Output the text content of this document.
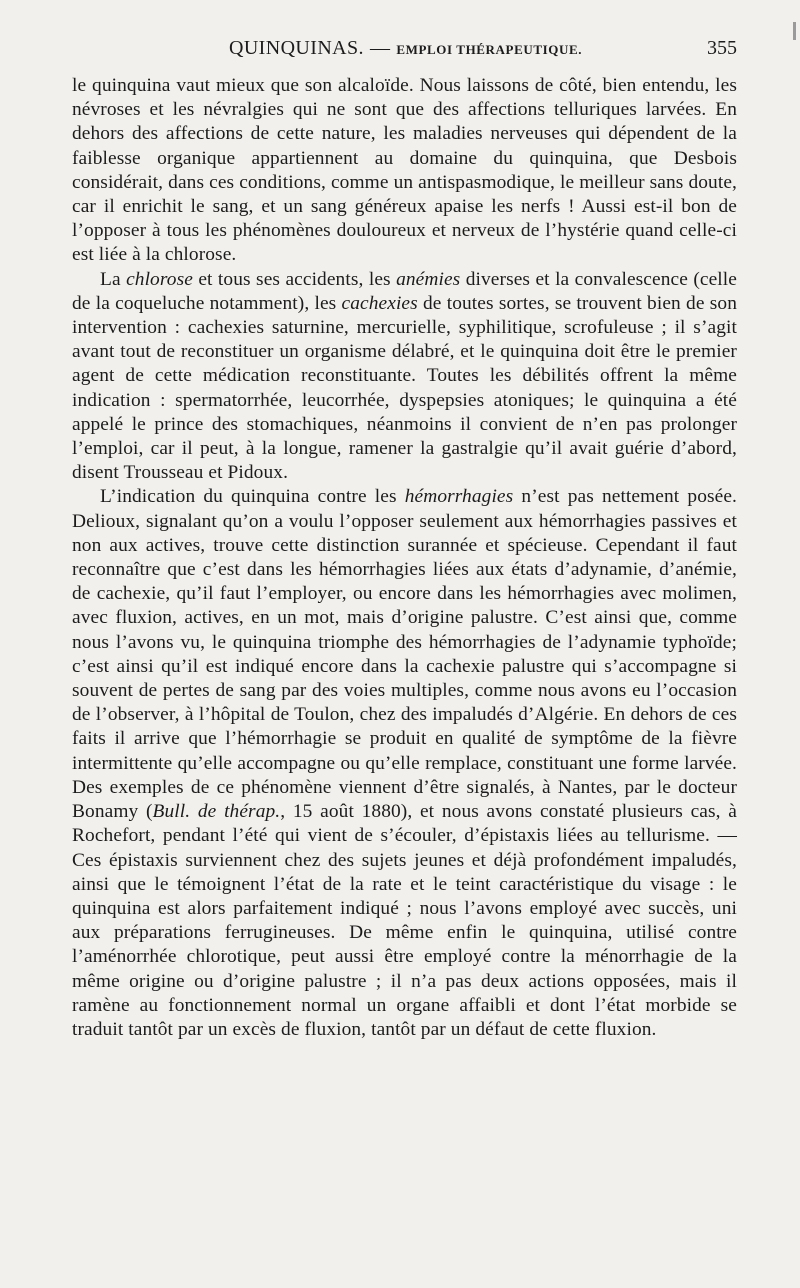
QUINQUINAS. — EMPLOI THÉRAPEUTIQUE.	355

le quinquina vaut mieux que son alcaloïde. Nous laissons de côté, bien entendu, les névroses et les névralgies qui ne sont que des affections telluriques larvées. En dehors des affections de cette nature, les maladies nerveuses qui dépendent de la faiblesse organique appartiennent au domaine du quinquina, que Desbois considérait, dans ces conditions, comme un antispasmodique, le meilleur sans doute, car il enrichit le sang, et un sang généreux apaise les nerfs ! Aussi est-il bon de l’opposer à tous les phénomènes douloureux et nerveux de l’hystérie quand celle-ci est liée à la chlorose.

La chlorose et tous ses accidents, les anémies diverses et la convalescence (celle de la coqueluche notamment), les cachexies de toutes sortes, se trouvent bien de son intervention : cachexies saturnine, mercurielle, syphilitique, scrofuleuse ; il s’agit avant tout de reconstituer un organisme délabré, et le quinquina doit être le premier agent de cette médication reconstituante. Toutes les débilités offrent la même indication : spermatorrhée, leucorrhée, dyspepsies atoniques; le quinquina a été appelé le prince des stomachiques, néanmoins il convient de n’en pas prolonger l’emploi, car il peut, à la longue, ramener la gastralgie qu’il avait guérie d’abord, disent Trousseau et Pidoux.

L’indication du quinquina contre les hémorrhagies n’est pas nettement posée. Delioux, signalant qu’on a voulu l’opposer seulement aux hémorrhagies passives et non aux actives, trouve cette distinction surannée et spécieuse. Cependant il faut reconnaître que c’est dans les hémorrhagies liées aux états d’adynamie, d’anémie, de cachexie, qu’il faut l’employer, ou encore dans les hémorrhagies avec molimen, avec fluxion, actives, en un mot, mais d’origine palustre. C’est ainsi que, comme nous l’avons vu, le quinquina triomphe des hémorrhagies de l’adynamie typhoïde; c’est ainsi qu’il est indiqué encore dans la cachexie palustre qui s’accompagne si souvent de pertes de sang par des voies multiples, comme nous avons eu l’occasion de l’observer, à l’hôpital de Toulon, chez des impaludés d’Algérie. En dehors de ces faits il arrive que l’hémorrhagie se produit en qualité de symptôme de la fièvre intermittente qu’elle accompagne ou qu’elle remplace, constituant une forme larvée. Des exemples de ce phénomène viennent d’être signalés, à Nantes, par le docteur Bonamy (Bull. de thérap., 15 août 1880), et nous avons constaté plusieurs cas, à Rochefort, pendant l’été qui vient de s’écouler, d’épistaxis liées au tellurisme. — Ces épistaxis surviennent chez des sujets jeunes et déjà profondément impaludés, ainsi que le témoignent l’état de la rate et le teint caractéristique du visage : le quinquina est alors parfaitement indiqué ; nous l’avons employé avec succès, uni aux préparations ferrugineuses. De même enfin le quinquina, utilisé contre l’aménorrhée chlorotique, peut aussi être employé contre la ménorrhagie de la même origine ou d’origine palustre ; il n’a pas deux actions opposées, mais il ramène au fonctionnement normal un organe affaibli et dont l’état morbide se traduit tantôt par un excès de fluxion, tantôt par un défaut de cette fluxion.
